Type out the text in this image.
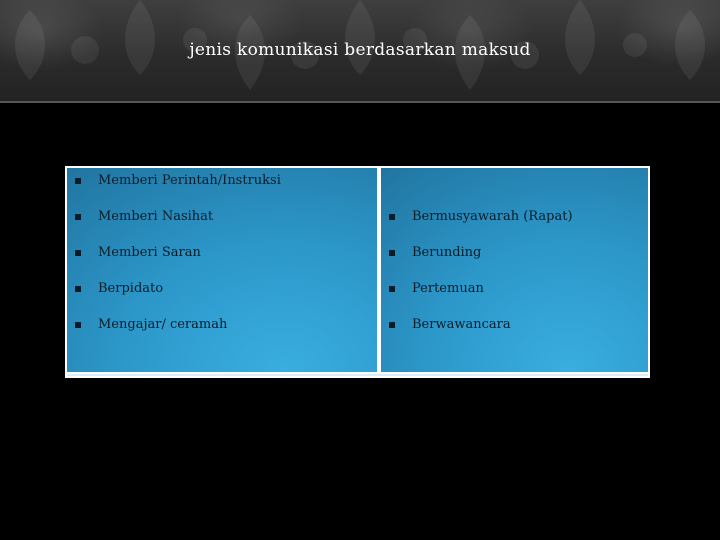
jenis komunikasi berdasarkan maksud
Memberi Perintah/Instruksi
Memberi Nasihat
Memberi Saran
Berpidato
Mengajar/ ceramah
Bermusyawarah (Rapat)
Berunding
Pertemuan
Berwawancara
